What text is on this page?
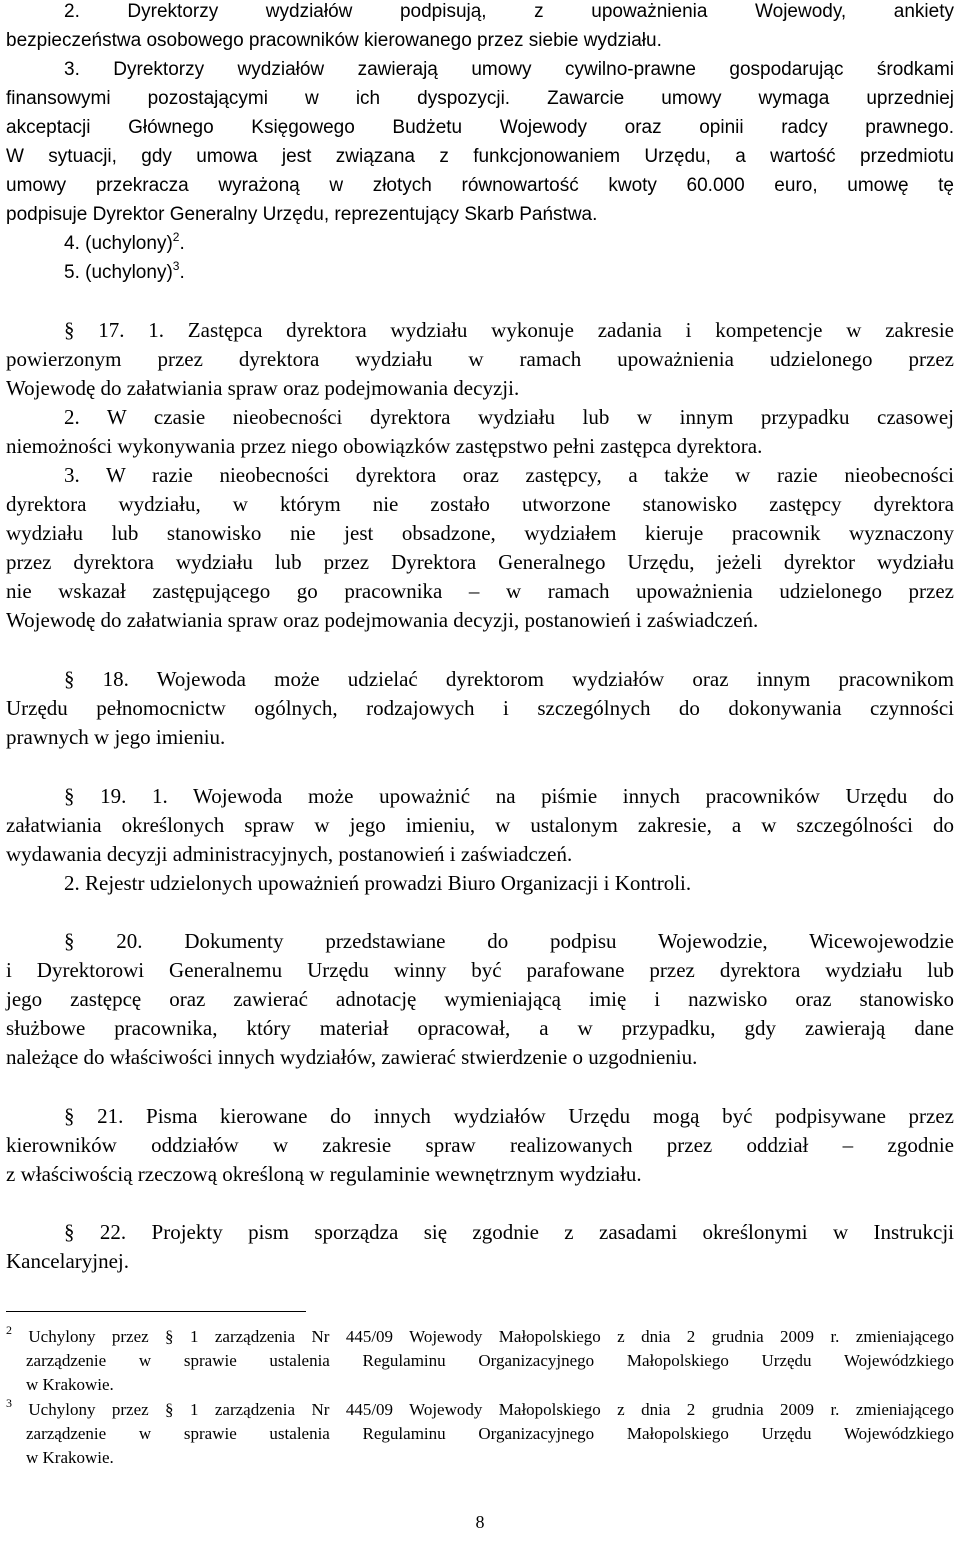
2. Dyrektorzy wydziałów podpisują, z upoważnienia Wojewody, ankiety
bezpieczeństwa osobowego pracowników kierowanego przez siebie wydziału.
3. Dyrektorzy wydziałów zawierają umowy cywilno-prawne gospodarując środkami
finansowymi pozostającymi w ich dyspozycji. Zawarcie umowy wymaga uprzedniej
akceptacji Głównego Księgowego Budżetu Wojewody oraz opinii radcy prawnego.
W sytuacji, gdy umowa jest związana z funkcjonowaniem Urzędu, a wartość przedmiotu
umowy przekracza wyrażoną w złotych równowartość kwoty 60.000 euro, umowę tę
podpisuje Dyrektor Generalny Urzędu, reprezentujący Skarb Państwa.
4. (uchylony)$^2$.
5. (uchylony)$^3$.
§ 17. 1. Zastępca dyrektora wydziału wykonuje zadania i kompetencje w zakresie
powierzonym przez dyrektora wydziału w ramach upoważnienia udzielonego przez
Wojewodę do załatwiania spraw oraz podejmowania decyzji.
2. W czasie nieobecności dyrektora wydziału lub w innym przypadku czasowej
niemożności wykonywania przez niego obowiązków zastępstwo pełni zastępca dyrektora.
3. W razie nieobecności dyrektora oraz zastępcy, a także w razie nieobecności
dyrektora wydziału, w którym nie zostało utworzone stanowisko zastępcy dyrektora
wydziału lub stanowisko nie jest obsadzone, wydziałem kieruje pracownik wyznaczony
przez dyrektora wydziału lub przez Dyrektora Generalnego Urzędu, jeżeli dyrektor wydziału
nie wskazał zastępującego go pracownika – w ramach upoważnienia udzielonego przez
Wojewodę do załatwiania spraw oraz podejmowania decyzji, postanowień i zaświadczeń.
§ 18. Wojewoda może udzielać dyrektorom wydziałów oraz innym pracownikom
Urzędu pełnomocnictw ogólnych, rodzajowych i szczególnych do dokonywania czynności
prawnych w jego imieniu.
§ 19. 1. Wojewoda może upoważnić na piśmie innych pracowników Urzędu do
załatwiania określonych spraw w jego imieniu, w ustalonym zakresie, a w szczególności do
wydawania decyzji administracyjnych, postanowień i zaświadczeń.
2. Rejestr udzielonych upoważnień prowadzi Biuro Organizacji i Kontroli.
§ 20. Dokumenty przedstawiane do podpisu Wojewodzie, Wicewojewodzie
i Dyrektorowi Generalnemu Urzędu winny być parafowane przez dyrektora wydziału lub
jego zastępcę oraz zawierać adnotację wymieniającą imię i nazwisko oraz stanowisko
służbowe pracownika, który materiał opracował, a w przypadku, gdy zawierają dane
należące do właściwości innych wydziałów, zawierać stwierdzenie o uzgodnieniu.
§ 21. Pisma kierowane do innych wydziałów Urzędu mogą być podpisywane przez
kierowników oddziałów w zakresie spraw realizowanych przez oddział – zgodnie
z właściwością rzeczową określoną w regulaminie wewnętrznym wydziału.
§ 22. Projekty pism sporządza się zgodnie z zasadami określonymi w Instrukcji
Kancelaryjnej.
$^2$ Uchylony przez § 1 zarządzenia Nr 445/09 Wojewody Małopolskiego z dnia 2 grudnia 2009 r. zmieniającego
zarządzenie w sprawie ustalenia Regulaminu Organizacyjnego Małopolskiego Urzędu Wojewódzkiego
w Krakowie.
$^3$ Uchylony przez § 1 zarządzenia Nr 445/09 Wojewody Małopolskiego z dnia 2 grudnia 2009 r. zmieniającego
zarządzenie w sprawie ustalenia Regulaminu Organizacyjnego Małopolskiego Urzędu Wojewódzkiego
w Krakowie.
8
